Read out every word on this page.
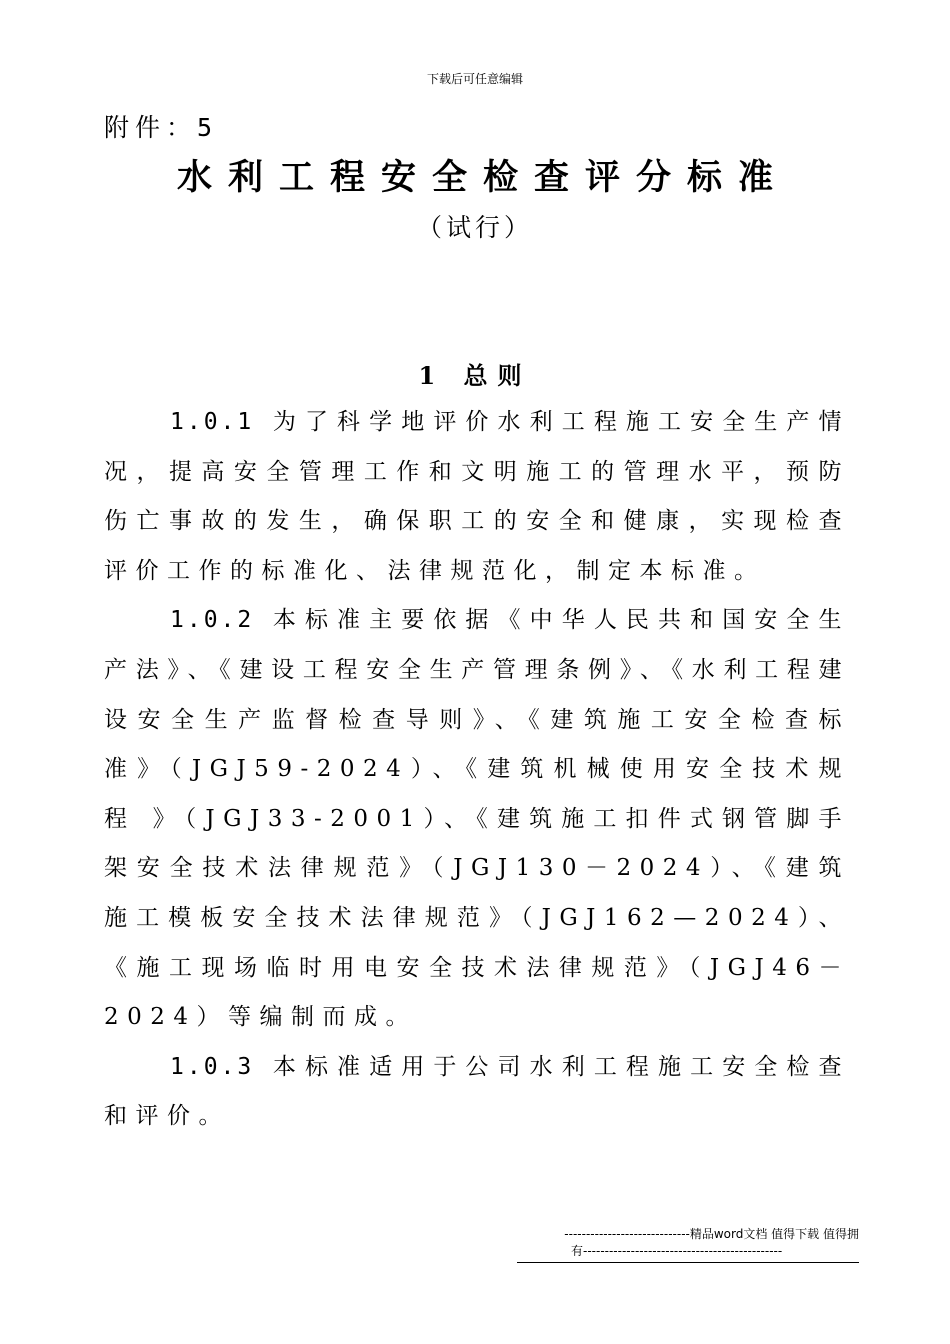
下载后可任意编辑
附件：5
水利工程安全检查评分标准
（试行）
1 总则

1.0.1 为了科学地评价水利工程施工安全生产情况，提高安全管理工作和文明施工的管理水平，预防伤亡事故的发生，确保职工的安全和健康，实现检查评价工作的标准化、法律规范化，制定本标准。

1.0.2 本标准主要依据《中华人民共和国安全生产法》、《建设工程安全生产管理条例》、《水利工程建设安全生产监督检查导则》、《建筑施工安全检查标准》（JGJ59-2024）、《建筑机械使用安全技术规程 》（JGJ33-2001）、《建筑施工扣件式钢管脚手架安全技术法律规范》（JGJ130－2024）、《建筑施工模板安全技术法律规范》（JGJ162—2024）、《施工现场临时用电安全技术法律规范》（JGJ46－2024）等编制而成。

1.0.3 本标准适用于公司水利工程施工安全检查和评价。

-----------------------------精品word文档 值得下载 值得拥
有----------------------------------------------
